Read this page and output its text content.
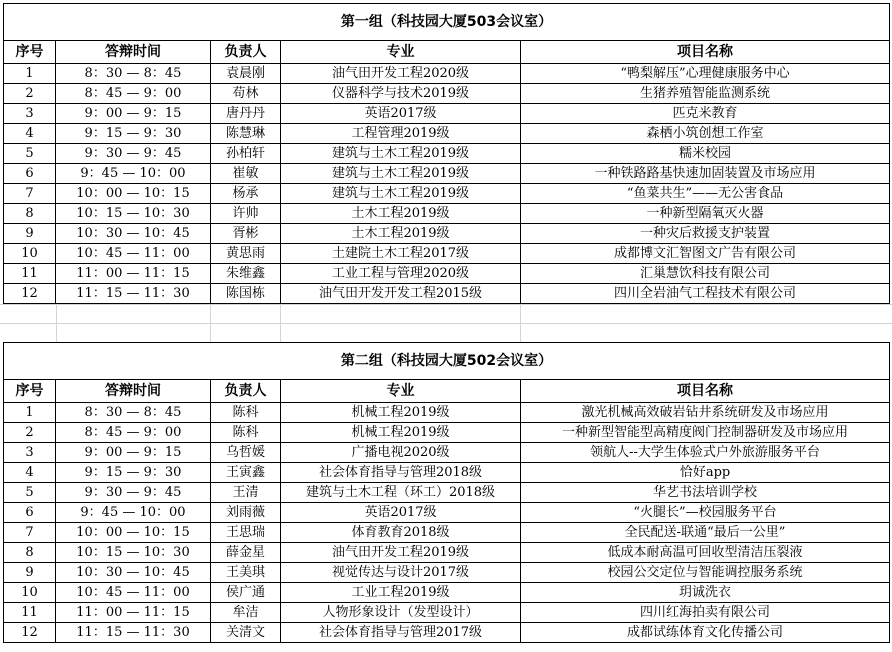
第一组（科技园大厦503会议室）				
序号	答辩时间	负责人	专业	项目名称
1	8：30 — 8：45	袁晨刚	油气田开发工程2020级	“鸭梨解压”心理健康服务中心
2	8：45 — 9：00	苟林	仪器科学与技术2019级	生猪养殖智能监测系统
3	9：00 — 9：15	唐丹丹	英语2017级	匹克米教育
4	9：15 — 9：30	陈慧琳	工程管理2019级	森栖小筑创想工作室
5	9：30 — 9：45	孙柏轩	建筑与土木工程2019级	糯米校园
6	9：45 — 10：00	崔敏	建筑与土木工程2019级	一种铁路路基快速加固装置及市场应用
7	10：00 — 10：15	杨承	建筑与土木工程2019级	“鱼菜共生”——无公害食品
8	10：15 — 10：30	许帅	土木工程2019级	一种新型隔氧灭火器
9	10：30 — 10：45	胥彬	土木工程2019级	一种灾后救援支护装置
10	10：45 — 11：00	黄思雨	土建院土木工程2017级	成都博文汇智图文广告有限公司
11	11：00 — 11：15	朱维鑫	工业工程与管理2020级	汇巢慧饮科技有限公司
12	11：15 — 11：30	陈国栋	油气田开发开发工程2015级	四川全岩油气工程技术有限公司
第二组（科技园大厦502会议室）				
序号	答辩时间	负责人	专业	项目名称
1	8：30 — 8：45	陈科	机械工程2019级	激光机械高效破岩钻井系统研发及市场应用
2	8：45 — 9：00	陈科	机械工程2019级	一种新型智能型高精度阀门控制器研发及市场应用
3	9：00 — 9：15	乌哲媛	广播电视2020级	领航人--大学生体验式户外旅游服务平台
4	9：15 — 9：30	王寅鑫	社会体育指导与管理2018级	恰好app
5	9：30 — 9：45	王清	建筑与土木工程（环工）2018级	华艺书法培训学校
6	9：45 — 10：00	刘雨薇	英语2017级	“火腿长”—校园服务平台
7	10：00 — 10：15	王思瑞	体育教育2018级	全民配送-联通“最后一公里”
8	10：15 — 10：30	薛金星	油气田开发工程2019级	低成本耐高温可回收型清洁压裂液
9	10：30 — 10：45	王美琪	视觉传达与设计2017级	校园公交定位与智能调控服务系统
10	10：45 — 11：00	侯广通	工业工程2019级	玥诚洗衣
11	11：00 — 11：15	牟洁	人物形象设计（发型设计）	四川红海拍卖有限公司
12	11：15 — 11：30	关清文	社会体育指导与管理2017级	成都试练体育文化传播公司
